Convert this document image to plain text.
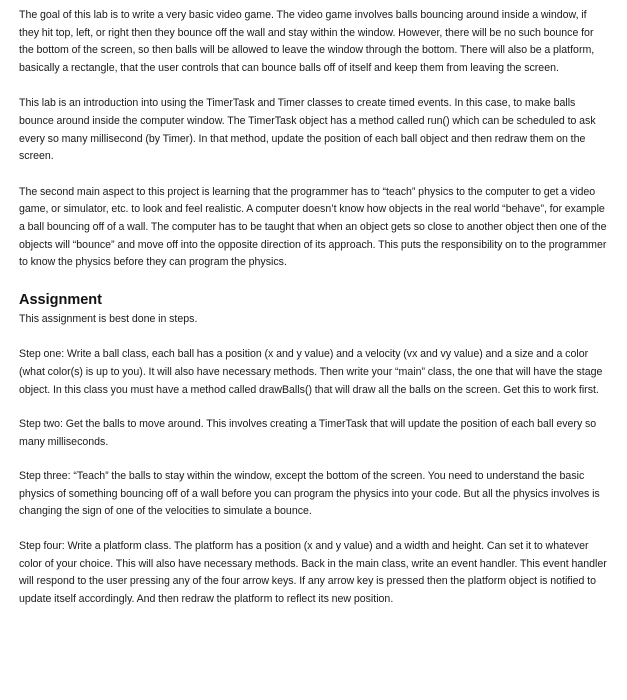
The goal of this lab is to write a very basic video game. The video game involves balls bouncing around inside a window, if they hit top, left, or right then they bounce off the wall and stay within the window. However, there will be no such bounce for the bottom of the screen, so then balls will be allowed to leave the window through the bottom. There will also be a platform, basically a rectangle, that the user controls that can bounce balls off of itself and keep them from leaving the screen.

This lab is an introduction into using the TimerTask and Timer classes to create timed events. In this case, to make balls bounce around inside the computer window. The TimerTask object has a method called run() which can be scheduled to ask every so many millisecond (by Timer). In that method, update the position of each ball object and then redraw them on the screen.

The second main aspect to this project is learning that the programmer has to “teach” physics to the computer to get a video game, or simulator, etc. to look and feel realistic. A computer doesn’t know how objects in the real world “behave”, for example a ball bouncing off of a wall. The computer has to be taught that when an object gets so close to another object then one of the objects will “bounce” and move off into the opposite direction of its approach. This puts the responsibility on to the programmer to know the physics before they can program the physics.

Assignment

This assignment is best done in steps.

Step one: Write a ball class, each ball has a position (x and y value) and a velocity (vx and vy value) and a size and a color (what color(s) is up to you). It will also have necessary methods. Then write your “main” class, the one that will have the stage object. In this class you must have a method called drawBalls() that will draw all the balls on the screen. Get this to work first.

Step two: Get the balls to move around. This involves creating a TimerTask that will update the position of each ball every so many milliseconds.

Step three: “Teach” the balls to stay within the window, except the bottom of the screen. You need to understand the basic physics of something bouncing off of a wall before you can program the physics into your code. But all the physics involves is changing the sign of one of the velocities to simulate a bounce.

Step four: Write a platform class. The platform has a position (x and y value) and a width and height. Can set it to whatever color of your choice. This will also have necessary methods. Back in the main class, write an event handler. This event handler will respond to the user pressing any of the four arrow keys. If any arrow key is pressed then the platform object is notified to update itself accordingly. And then redraw the platform to reflect its new position.
